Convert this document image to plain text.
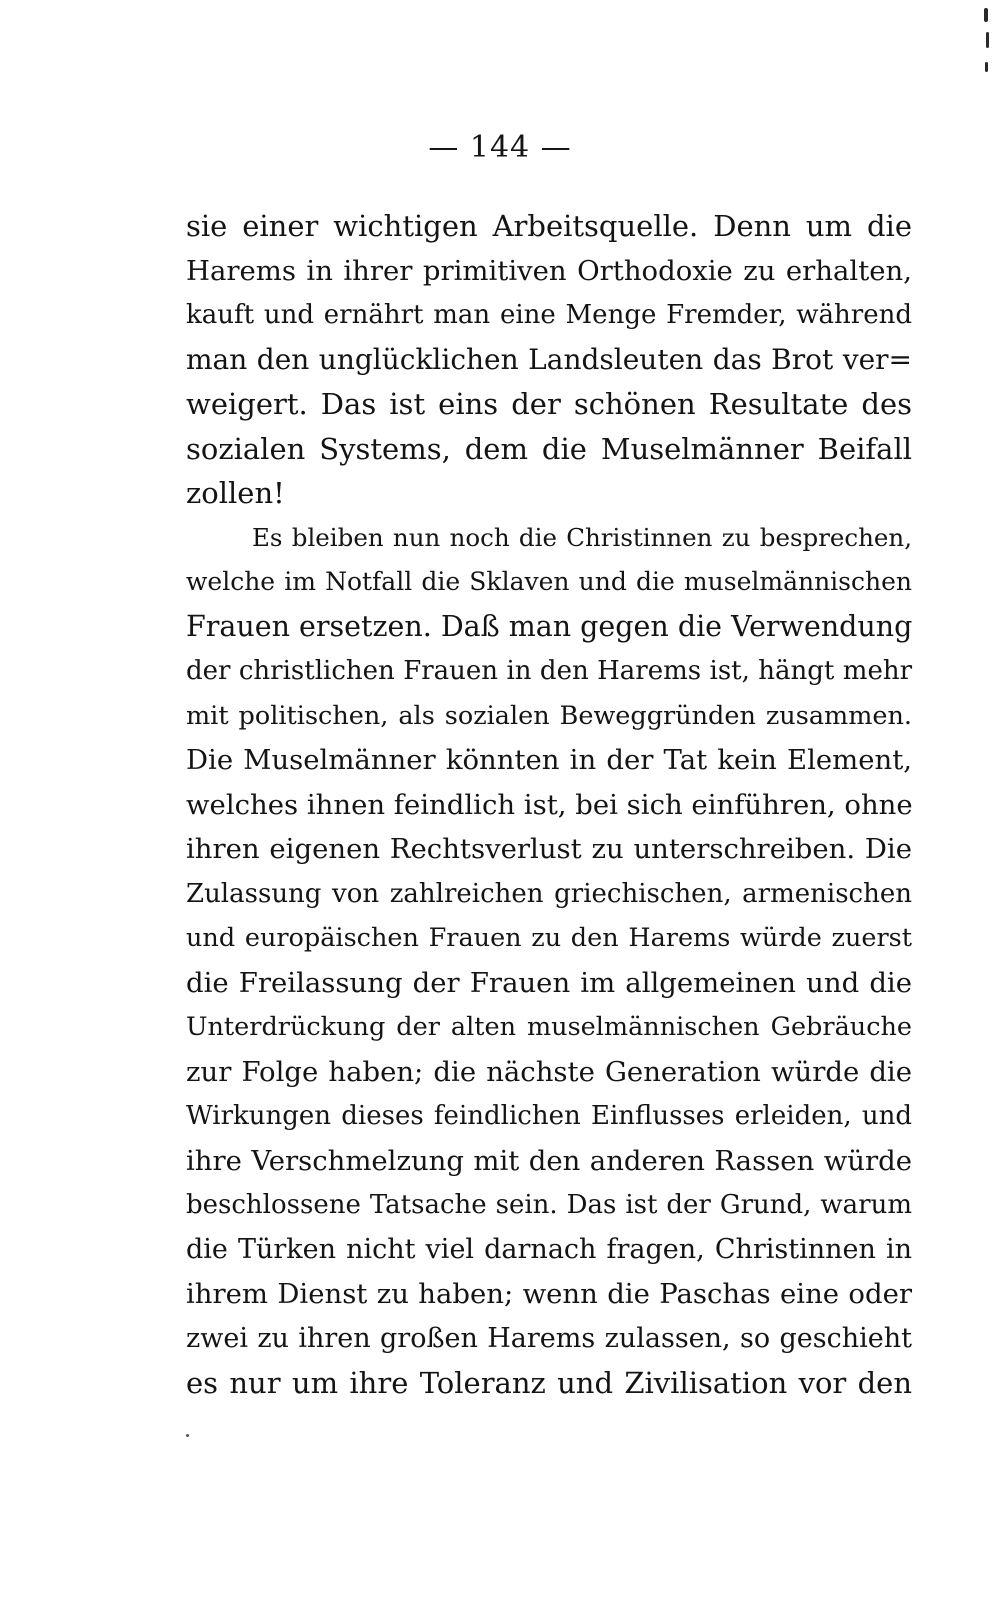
— 144 —
sie einer wichtigen Arbeitsquelle. Denn um die
Harems in ihrer primitiven Orthodoxie zu erhalten,
kauft und ernährt man eine Menge Fremder, während
man den unglücklichen Landsleuten das Brot ver=
weigert. Das ist eins der schönen Resultate des
sozialen Systems, dem die Muselmänner Beifall
zollen!
Es bleiben nun noch die Christinnen zu besprechen,
welche im Notfall die Sklaven und die muselmännischen
Frauen ersetzen. Daß man gegen die Verwendung
der christlichen Frauen in den Harems ist, hängt mehr
mit politischen, als sozialen Beweggründen zusammen.
Die Muselmänner könnten in der Tat kein Element,
welches ihnen feindlich ist, bei sich einführen, ohne
ihren eigenen Rechtsverlust zu unterschreiben. Die
Zulassung von zahlreichen griechischen, armenischen
und europäischen Frauen zu den Harems würde zuerst
die Freilassung der Frauen im allgemeinen und die
Unterdrückung der alten muselmännischen Gebräuche
zur Folge haben; die nächste Generation würde die
Wirkungen dieses feindlichen Einflusses erleiden, und
ihre Verschmelzung mit den anderen Rassen würde
beschlossene Tatsache sein. Das ist der Grund, warum
die Türken nicht viel darnach fragen, Christinnen in
ihrem Dienst zu haben; wenn die Paschas eine oder
zwei zu ihren großen Harems zulassen, so geschieht
es nur um ihre Toleranz und Zivilisation vor den
